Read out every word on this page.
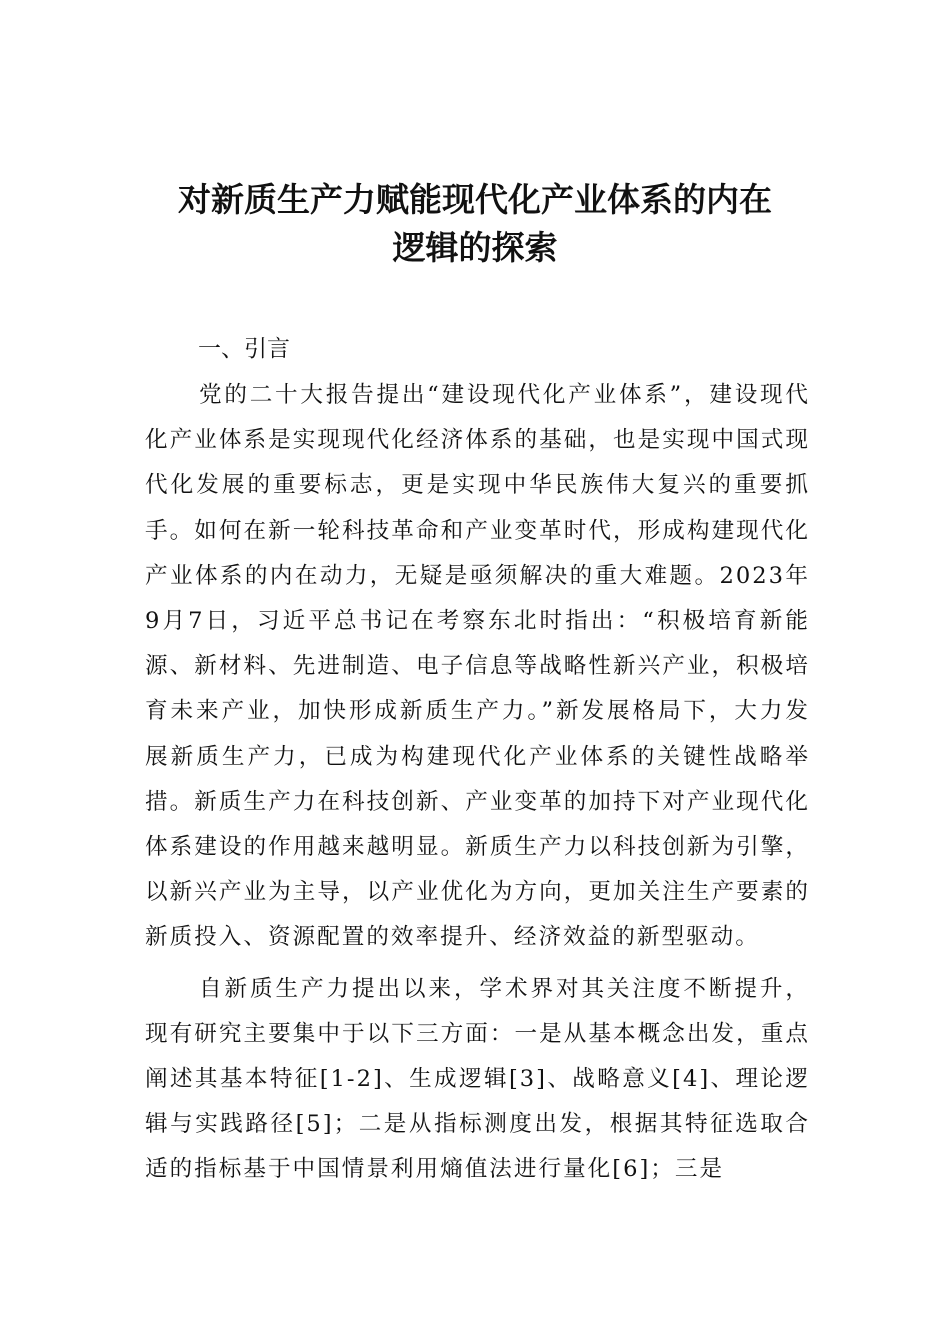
对新质生产力赋能现代化产业体系的内在
逻辑的探索
一、引言

党的二十大报告提出“建设现代化产业体系”，建设现代化产业体系是实现现代化经济体系的基础，也是实现中国式现代化发展的重要标志，更是实现中华民族伟大复兴的重要抓手。如何在新一轮科技革命和产业变革时代，形成构建现代化产业体系的内在动力，无疑是亟须解决的重大难题。2023年9月7日，习近平总书记在考察东北时指出：“积极培育新能源、新材料、先进制造、电子信息等战略性新兴产业，积极培育未来产业，加快形成新质生产力。”新发展格局下，大力发展新质生产力，已成为构建现代化产业体系的关键性战略举措。新质生产力在科技创新、产业变革的加持下对产业现代化体系建设的作用越来越明显。新质生产力以科技创新为引擎，以新兴产业为主导，以产业优化为方向，更加关注生产要素的新质投入、资源配置的效率提升、经济效益的新型驱动。

自新质生产力提出以来，学术界对其关注度不断提升，现有研究主要集中于以下三方面：一是从基本概念出发，重点阐述其基本特征[1-2]、生成逻辑[3]、战略意义[4]、理论逻辑与实践路径[5]；二是从指标测度出发，根据其特征选取合适的指标基于中国情景利用熵值法进行量化[6]；三是
